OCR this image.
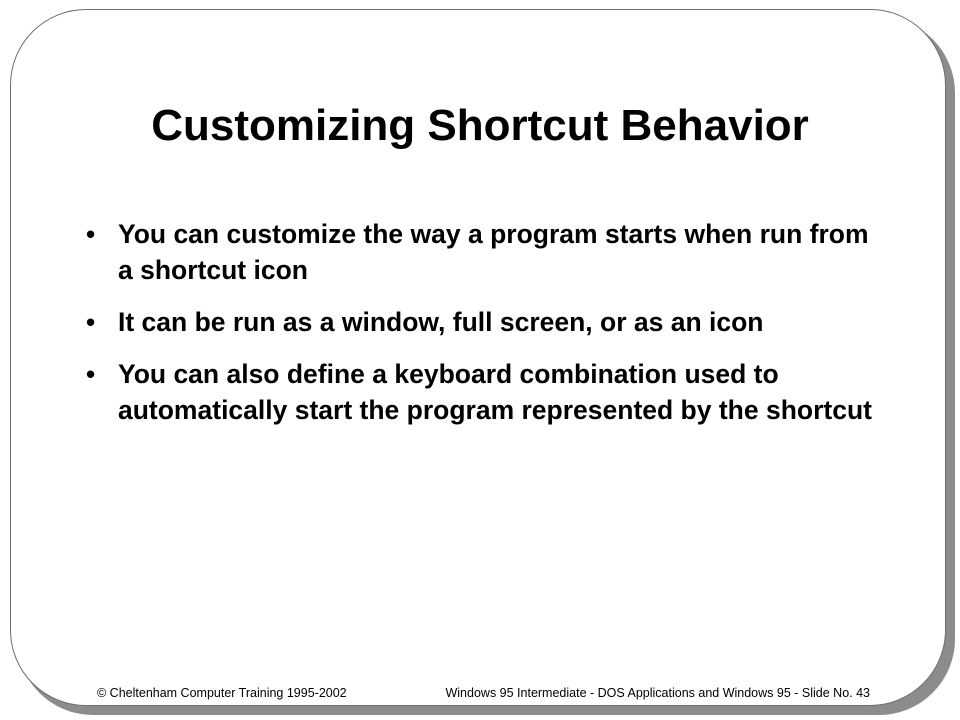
Customizing Shortcut Behavior
• You can customize the way a program starts when run from a shortcut icon
• It can be run as a window, full screen, or as an icon
• You can also define a keyboard combination used to automatically start the program represented by the shortcut
© Cheltenham Computer Training 1995-2002	Windows 95 Intermediate - DOS Applications and Windows 95 - Slide No. 43
